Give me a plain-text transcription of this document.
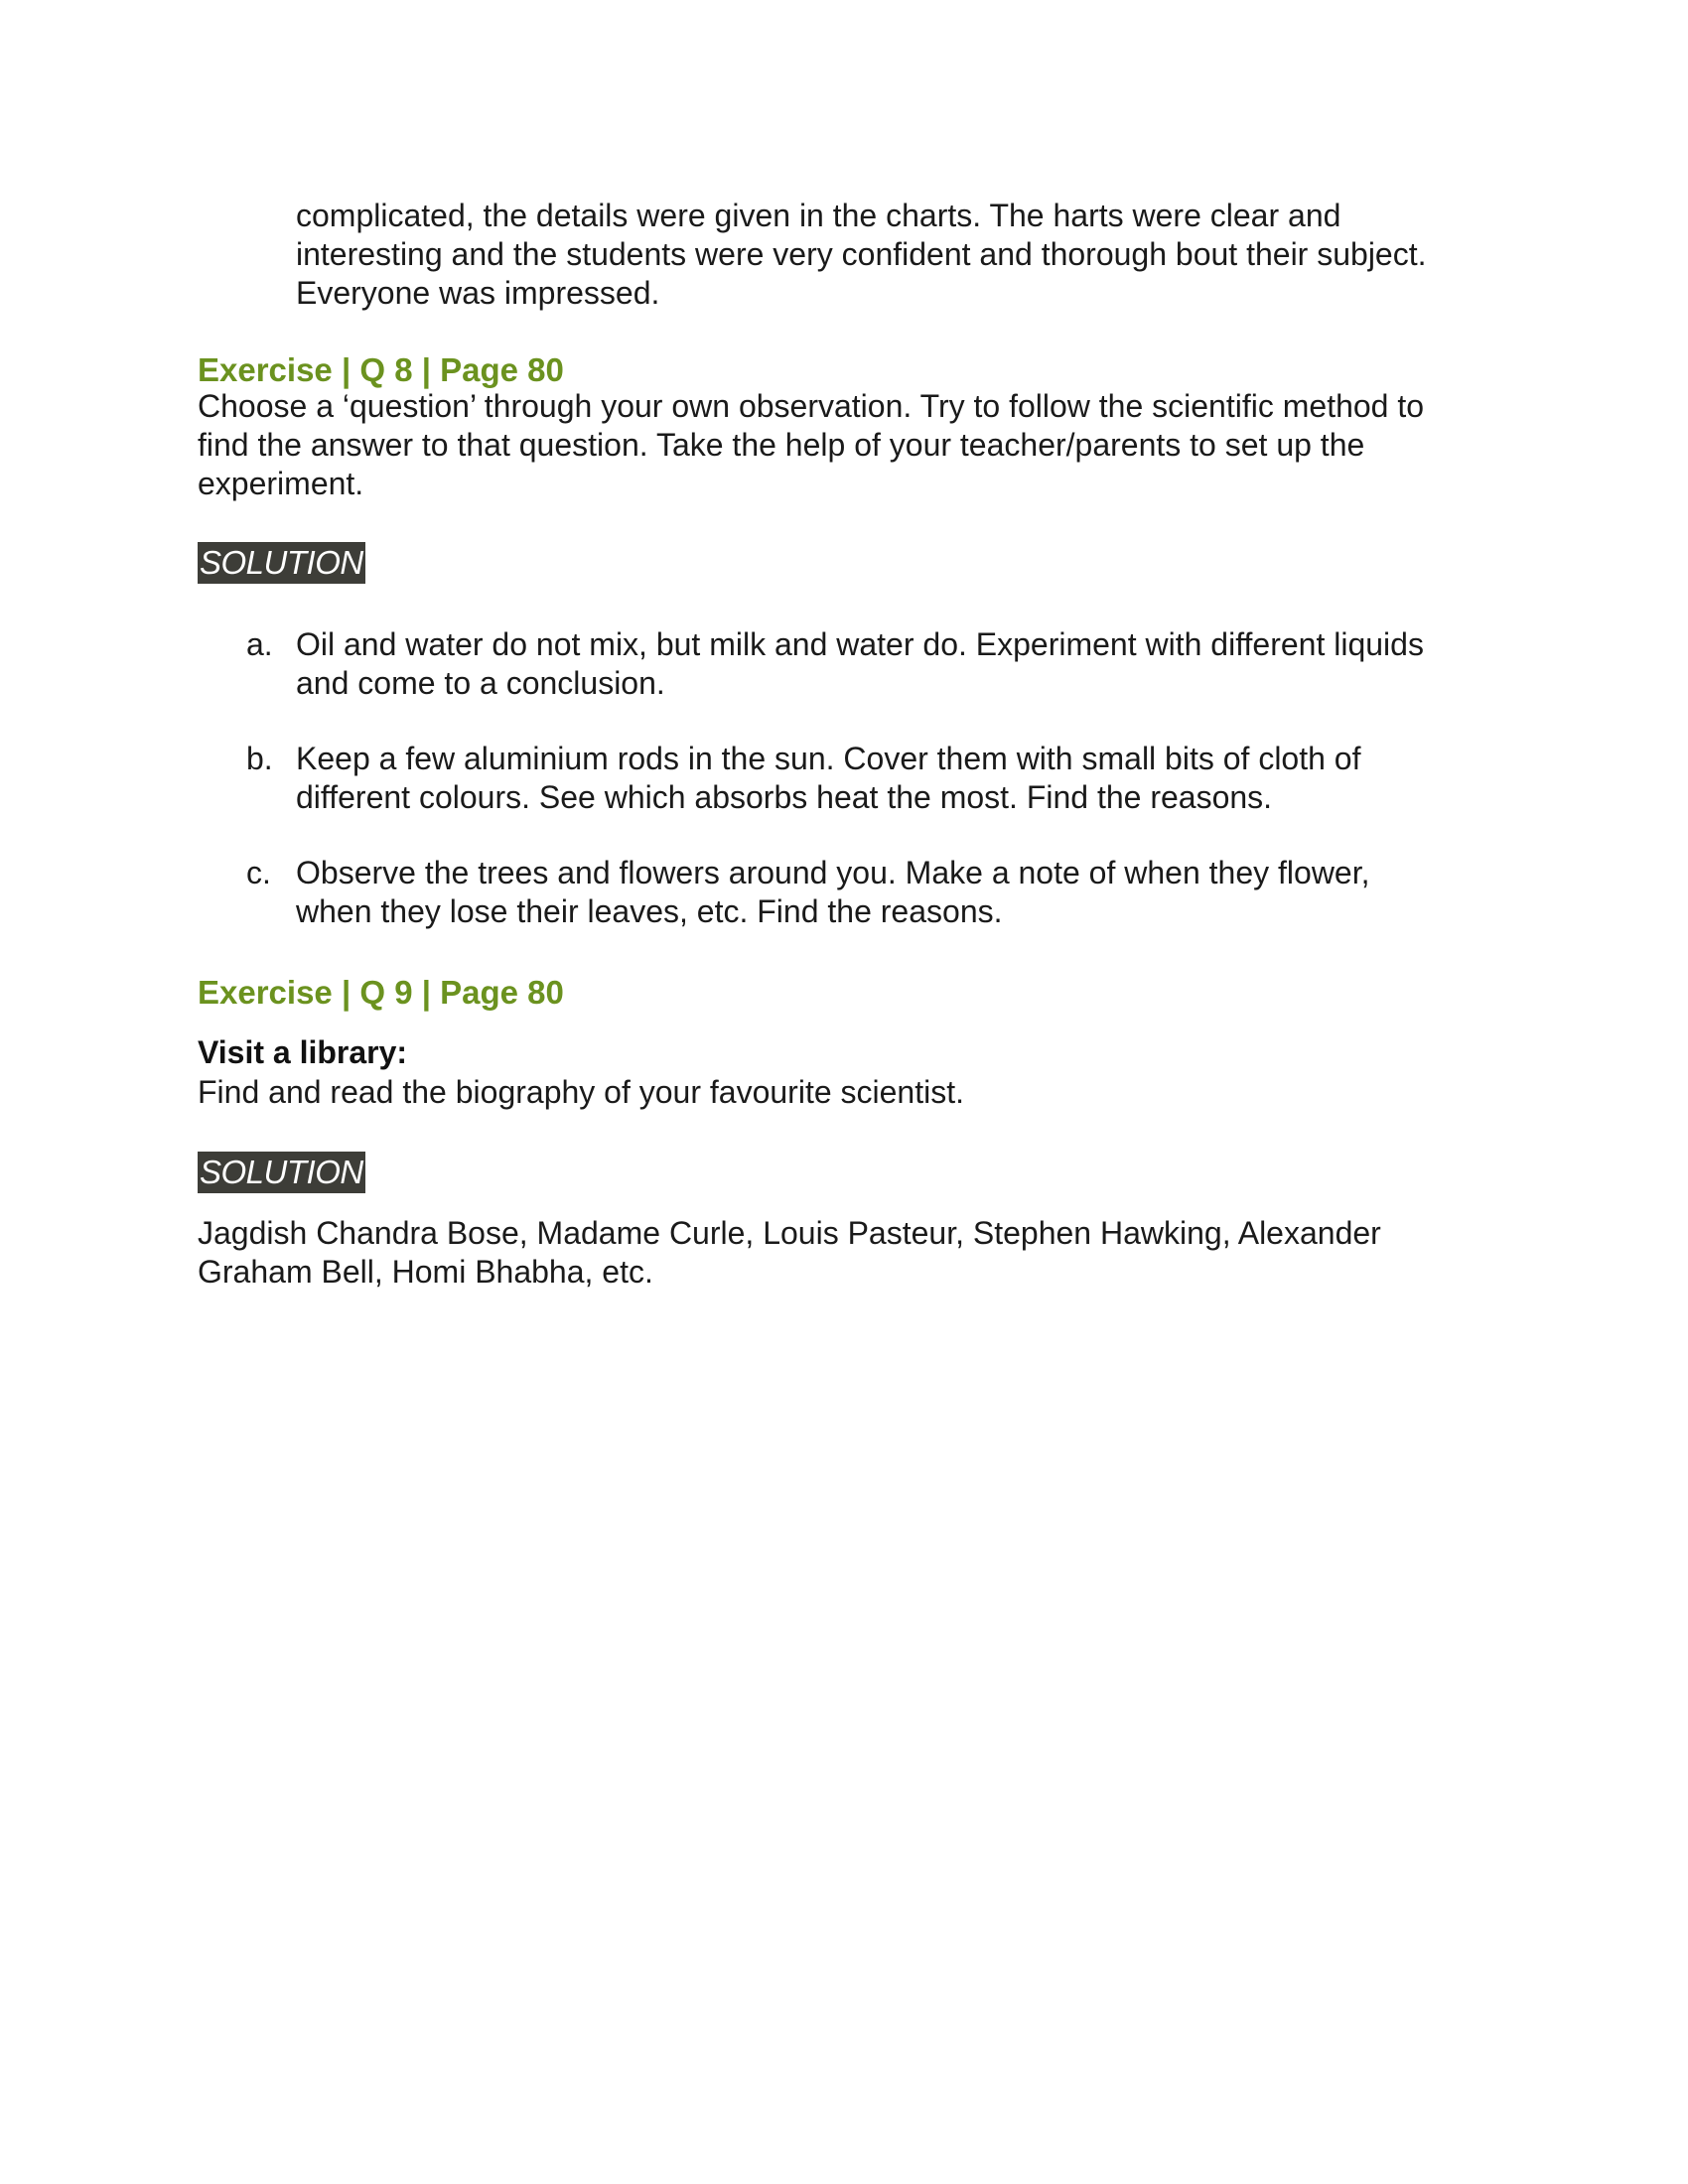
complicated, the details were given in the charts. The harts were clear and

interesting and the students were very confident and thorough bout their subject.

Everyone was impressed.

Exercise | Q 8 | Page 80

Choose a ‘question’ through your own observation. Try to follow the scientific method to

find the answer to that question. Take the help of your teacher/parents to set up the

experiment.

SOLUTION
a. Oil and water do not mix, but milk and water do. Experiment with different liquids

and come to a conclusion.

b. Keep a few aluminium rods in the sun. Cover them with small bits of cloth of

different colours. See which absorbs heat the most. Find the reasons.

c. Observe the trees and flowers around you. Make a note of when they flower,

when they lose their leaves, etc. Find the reasons.

Exercise | Q 9 | Page 80
Visit a library:

Find and read the biography of your favourite scientist.

SOLUTION

Jagdish Chandra Bose, Madame Curle, Louis Pasteur, Stephen Hawking, Alexander

Graham Bell, Homi Bhabha, etc.
